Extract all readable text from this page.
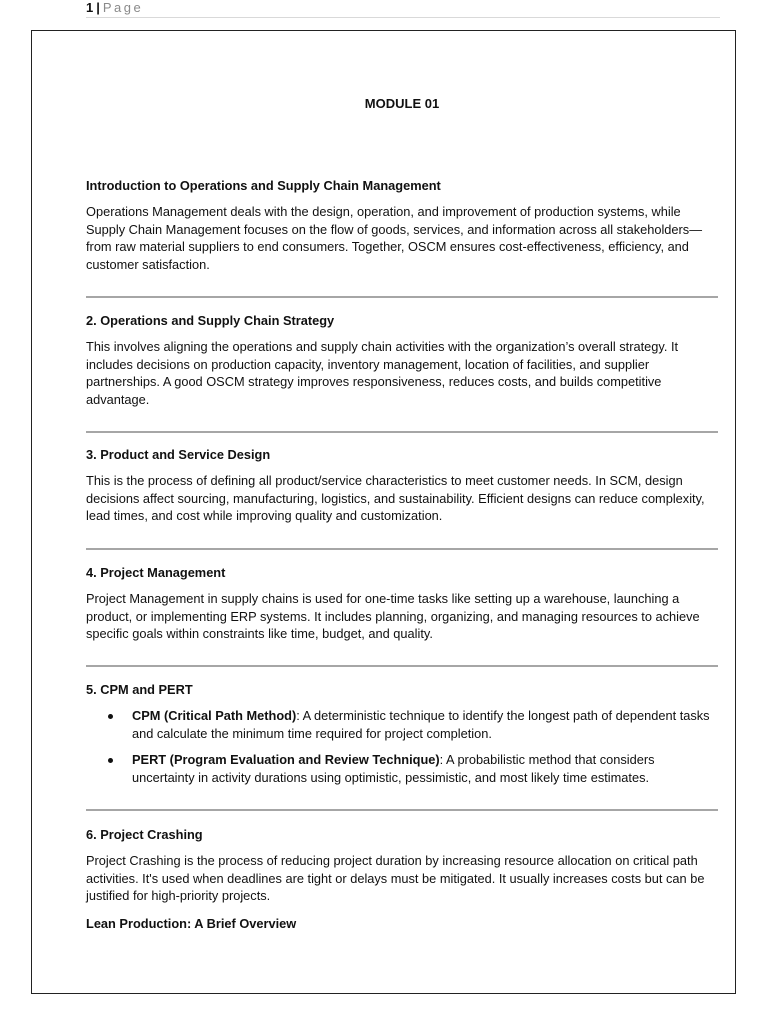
1 | Page
MODULE 01
Introduction to Operations and Supply Chain Management

Operations Management deals with the design, operation, and improvement of production systems, while Supply Chain Management focuses on the flow of goods, services, and information across all stakeholders—from raw material suppliers to end consumers. Together, OSCM ensures cost-effectiveness, efficiency, and customer satisfaction.

2. Operations and Supply Chain Strategy

This involves aligning the operations and supply chain activities with the organization’s overall strategy. It includes decisions on production capacity, inventory management, location of facilities, and supplier partnerships. A good OSCM strategy improves responsiveness, reduces costs, and builds competitive advantage.

3. Product and Service Design

This is the process of defining all product/service characteristics to meet customer needs. In SCM, design decisions affect sourcing, manufacturing, logistics, and sustainability. Efficient designs can reduce complexity, lead times, and cost while improving quality and customization.

4. Project Management

Project Management in supply chains is used for one-time tasks like setting up a warehouse, launching a product, or implementing ERP systems. It includes planning, organizing, and managing resources to achieve specific goals within constraints like time, budget, and quality.

5. CPM and PERT
CPM (Critical Path Method): A deterministic technique to identify the longest path of dependent tasks and calculate the minimum time required for project completion.
PERT (Program Evaluation and Review Technique): A probabilistic method that considers uncertainty in activity durations using optimistic, pessimistic, and most likely time estimates.
6. Project Crashing

Project Crashing is the process of reducing project duration by increasing resource allocation on critical path activities. It's used when deadlines are tight or delays must be mitigated. It usually increases costs but can be justified for high-priority projects.

Lean Production: A Brief Overview
